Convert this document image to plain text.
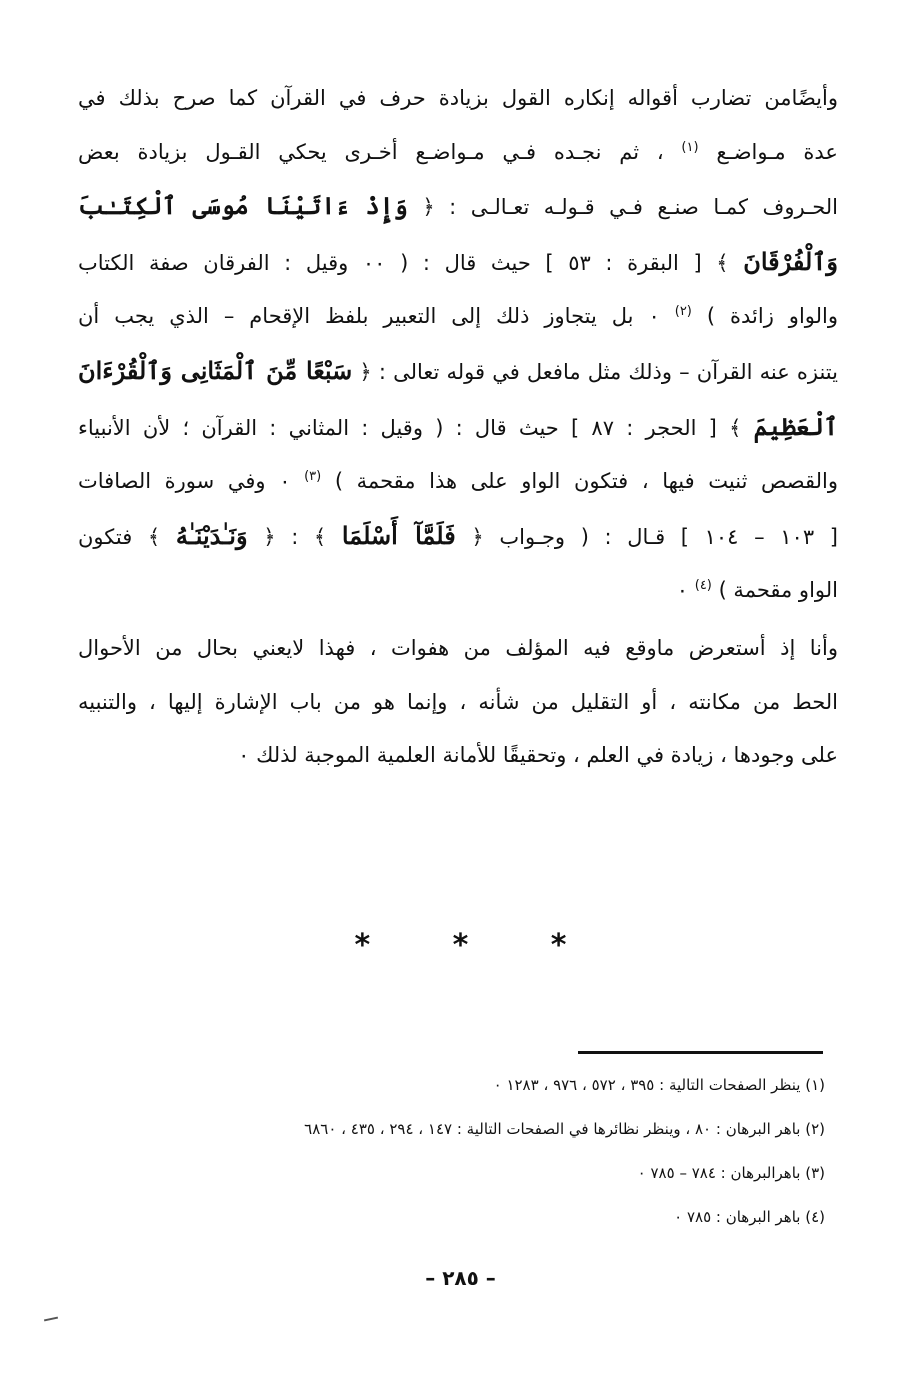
وأيضًامن تضارب أقواله إنكاره القول بزيادة حرف في القرآن كما صرح بذلك في
عدة مـواضـع $^{(١)}$ ، ثم نجـده فـي مـواضـع أخـرى يحكي القـول بزيادة بعض
الحـروف كمـا صنـع فـي قـولـه تعـالـى : ﴿ وَإِذْ ءَاتَيْنَا مُوسَى ٱلْكِتَـٰبَ
وَٱلْفُرْقَانَ ﴾ [ البقرة : ٥٣ ] حيث قال : ( ٠٠ وقيل : الفرقان صفة الكتاب
والواو زائدة ) $^{(٢)}$ ٠ بل يتجاوز ذلك إلى التعبير بلفظ الإقحام – الذي يجب أن
يتنزه عنه القرآن – وذلك مثل مافعل في قوله تعالى : ﴿ سَبْعًا مِّنَ ٱلْمَثَانِى وَٱلْقُرْءَانَ
ٱلْعَظِيمَ ﴾ [ الحجر : ٨٧ ] حيث قال : ( وقيل : المثاني : القرآن ؛ لأن الأنبياء
والقصص ثنيت فيها ، فتكون الواو على هذا مقحمة ) $^{(٣)}$ ٠ وفي سورة الصافات
[ ١٠٣ – ١٠٤ ] قـال : ( وجـواب ﴿ فَلَمَّآ أَسْلَمَا ﴾ : ﴿ وَنَـٰدَيْنَـٰهُ ﴾ فتكون
الواو مقحمة ) $^{(٤)}$ ٠
وأنا إذ أستعرض ماوقع فيه المؤلف من هفوات ، فهذا لايعني بحال من الأحوال
الحط من مكانته ، أو التقليل من شأنه ، وإنما هو من باب الإشارة إليها ، والتنبيه
على وجودها ، زيادة في العلم ، وتحقيقًا للأمانة العلمية الموجبة لذلك ٠
* * *
(١) ينظر الصفحات التالية : ٣٩٥ ، ٥٧٢ ، ٩٧٦ ، ١٢٨٣ ٠
(٢) باهر البرهان : ٨٠ ، وينظر نظائرها في الصفحات التالية : ١٤٧ ، ٢٩٤ ، ٤٣٥ ، ٦٨٦٠
(٣) باهرالبرهان : ٧٨٤ – ٧٨٥ ٠
(٤) باهر البرهان : ٧٨٥ ٠
– ٢٨٥ –
